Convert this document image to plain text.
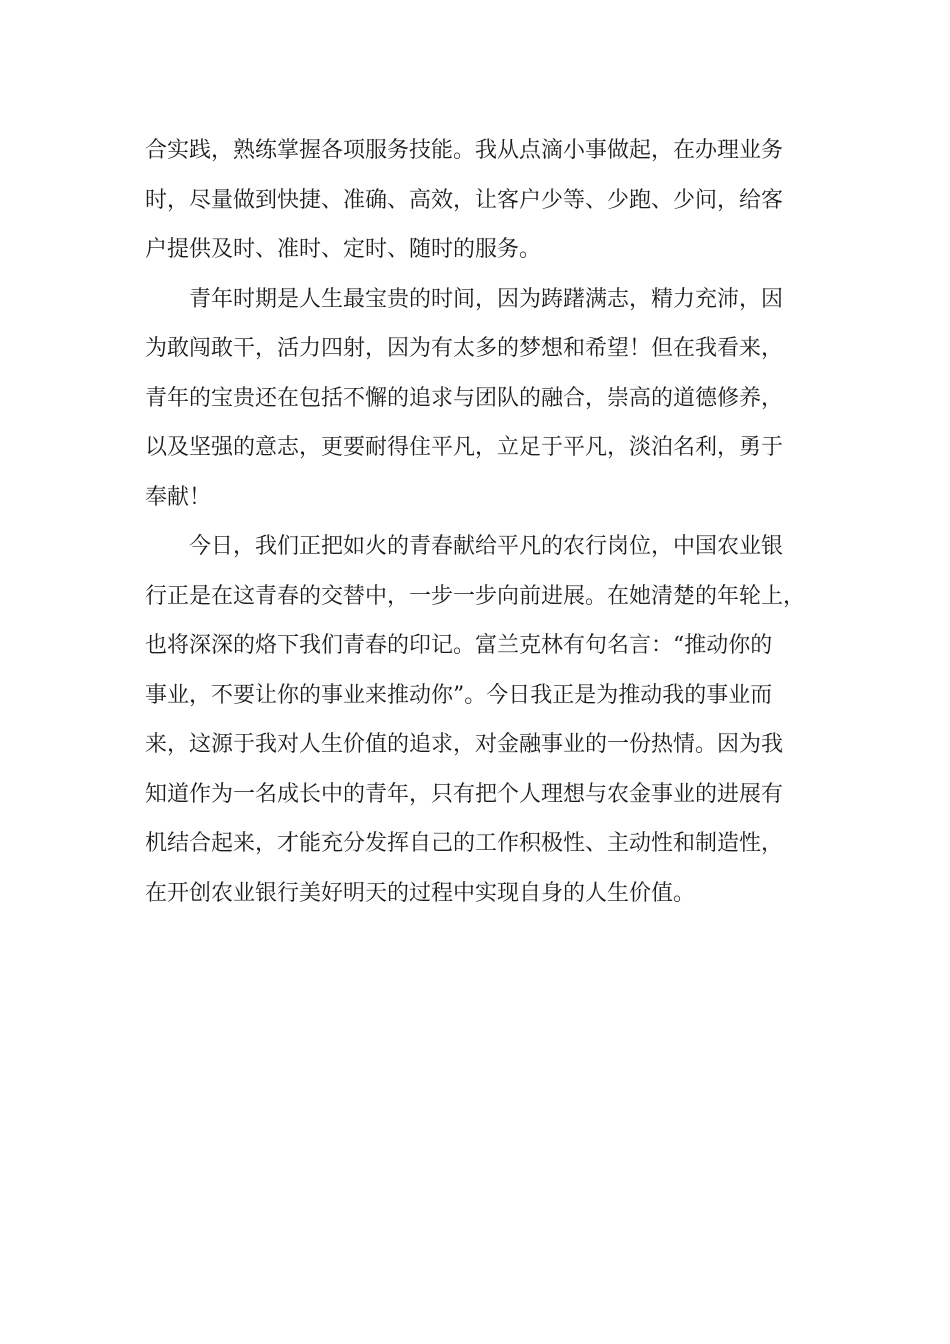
合实践，熟练掌握各项服务技能。我从点滴小事做起，在办理业务
时，尽量做到快捷、准确、高效，让客户少等、少跑、少问，给客
户提供及时、准时、定时、随时的服务。
青年时期是人生最宝贵的时间，因为踌躇满志，精力充沛，因
为敢闯敢干，活力四射，因为有太多的梦想和希望！但在我看来，
青年的宝贵还在包括不懈的追求与团队的融合，崇高的道德修养，
以及坚强的意志，更要耐得住平凡，立足于平凡，淡泊名利，勇于
奉献！
今日，我们正把如火的青春献给平凡的农行岗位，中国农业银
行正是在这青春的交替中，一步一步向前进展。在她清楚的年轮上，
也将深深的烙下我们青春的印记。富兰克林有句名言：“推动你的
事业，不要让你的事业来推动你”。今日我正是为推动我的事业而
来，这源于我对人生价值的追求，对金融事业的一份热情。因为我
知道作为一名成长中的青年，只有把个人理想与农金事业的进展有
机结合起来，才能充分发挥自己的工作积极性、主动性和制造性，
在开创农业银行美好明天的过程中实现自身的人生价值。
